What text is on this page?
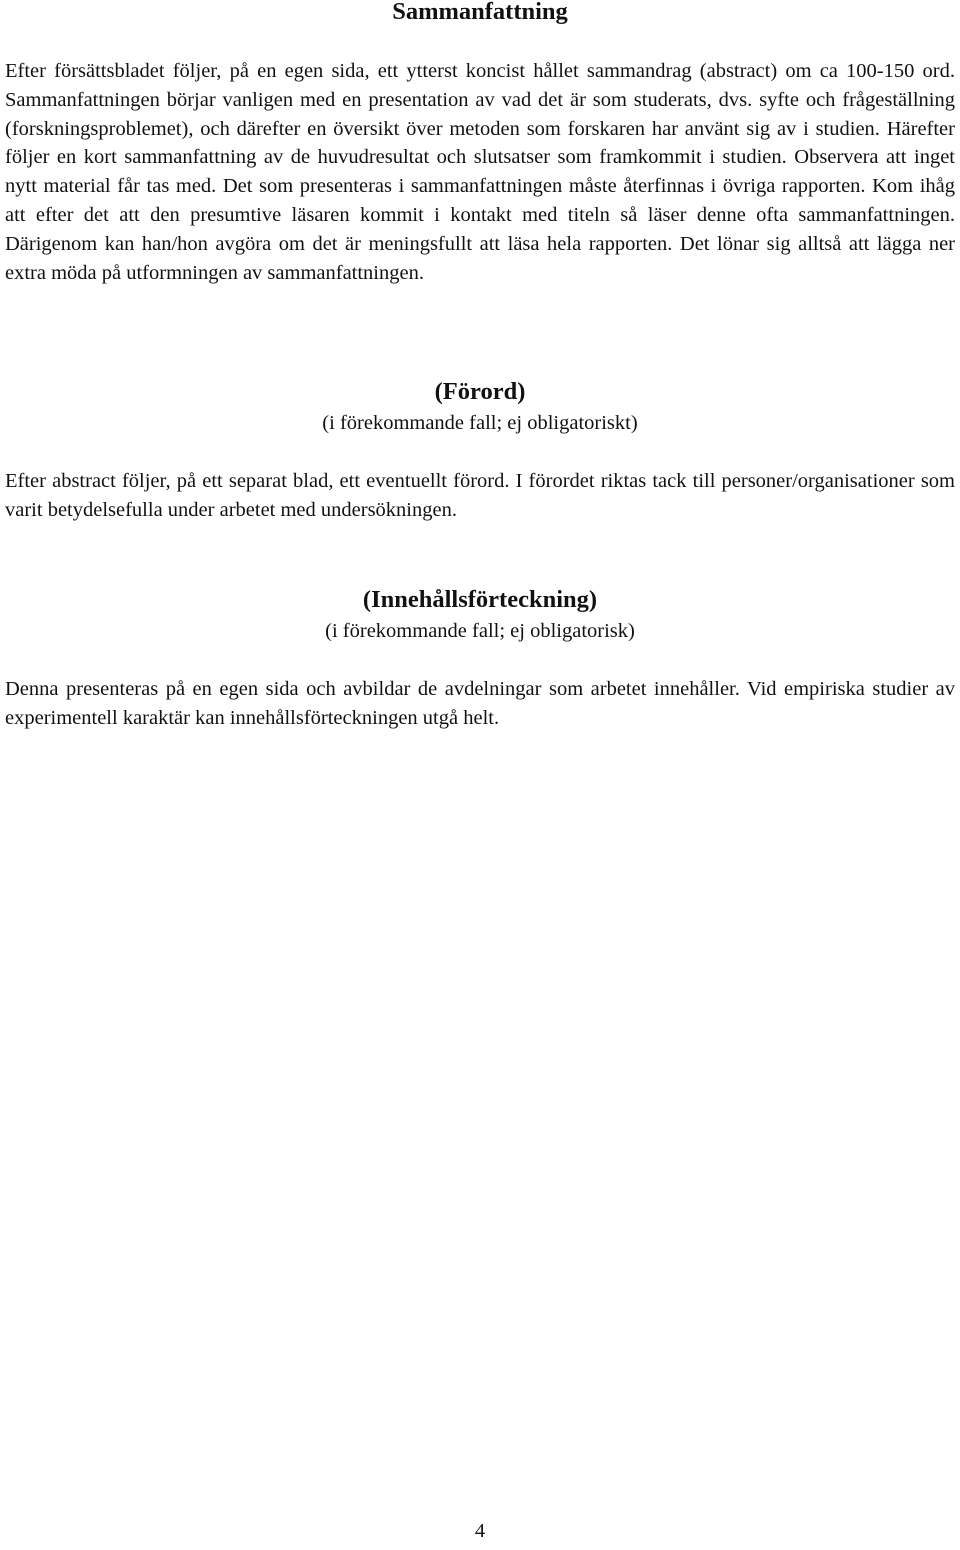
Sammanfattning

Efter försättsbladet följer, på en egen sida, ett ytterst koncist hållet sammandrag (abstract) om ca 100-150 ord. Sammanfattningen börjar vanligen med en presentation av vad det är som studerats, dvs. syfte och frågeställning (forskningsproblemet), och därefter en översikt över metoden som forskaren har använt sig av i studien. Härefter följer en kort sammanfattning av de huvudresultat och slutsatser som framkommit i studien. Observera att inget nytt material får tas med. Det som presenteras i sammanfattningen måste återfinnas i övriga rapporten. Kom ihåg att efter det att den presumtive läsaren kommit i kontakt med titeln så läser denne ofta sammanfattningen. Därigenom kan han/hon avgöra om det är meningsfullt att läsa hela rapporten. Det lönar sig alltså att lägga ner extra möda på utformningen av sammanfattningen.

(Förord)

(i förekommande fall; ej obligatoriskt)

Efter abstract följer, på ett separat blad, ett eventuellt förord. I förordet riktas tack till personer/organisationer som varit betydelsefulla under arbetet med undersökningen.

(Innehållsförteckning)

(i förekommande fall; ej obligatorisk)

Denna presenteras på en egen sida och avbildar de avdelningar som arbetet innehåller. Vid empiriska studier av experimentell karaktär kan innehållsförteckningen utgå helt.

4
